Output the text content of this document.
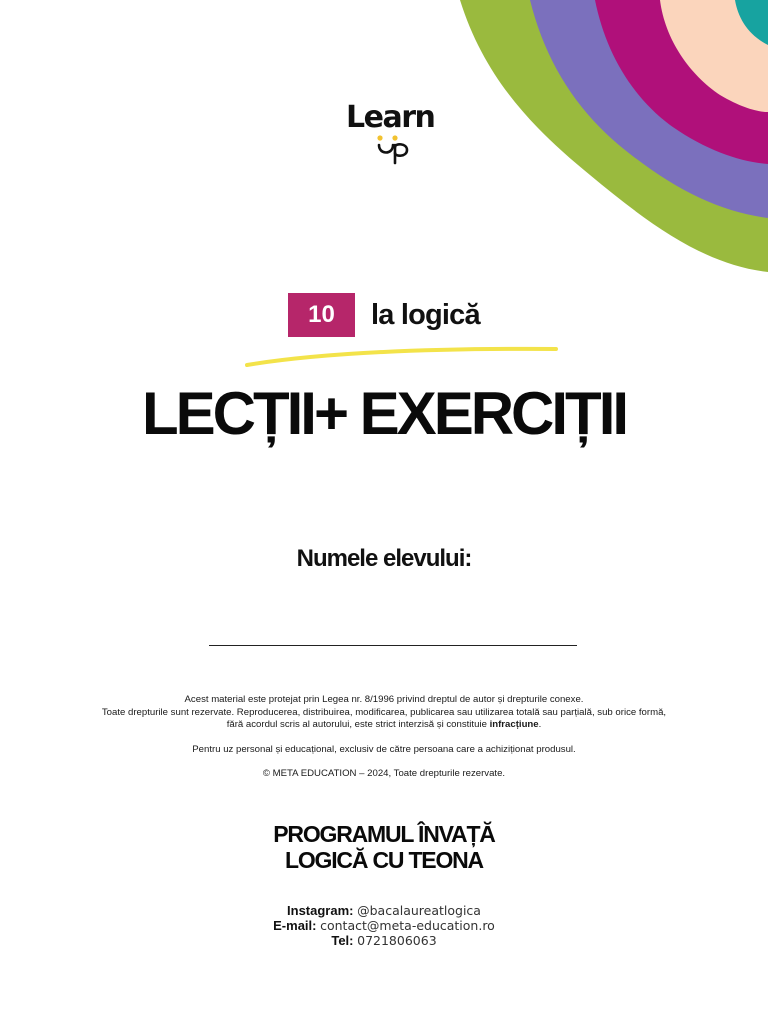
Learn
10	la logică
LECȚII+ EXERCIȚII
Numele elevului:

Acest material este protejat prin Legea nr. 8/1996 privind dreptul de autor și drepturile conexe.

Toate drepturile sunt rezervate. Reproducerea, distribuirea, modificarea, publicarea sau utilizarea totală sau parțială, sub orice formă, fără acordul scris al autorului, este strict interzisă și constituie infracțiune.

Pentru uz personal și educațional, exclusiv de către persoana care a achiziționat produsul.

© META EDUCATION – 2024, Toate drepturile rezervate.

PROGRAMUL ÎNVAȚĂ
LOGICĂ CU TEONA
Instagram: @bacalaureatlogica
E-mail: contact@meta-education.ro
Tel: 0721806063
